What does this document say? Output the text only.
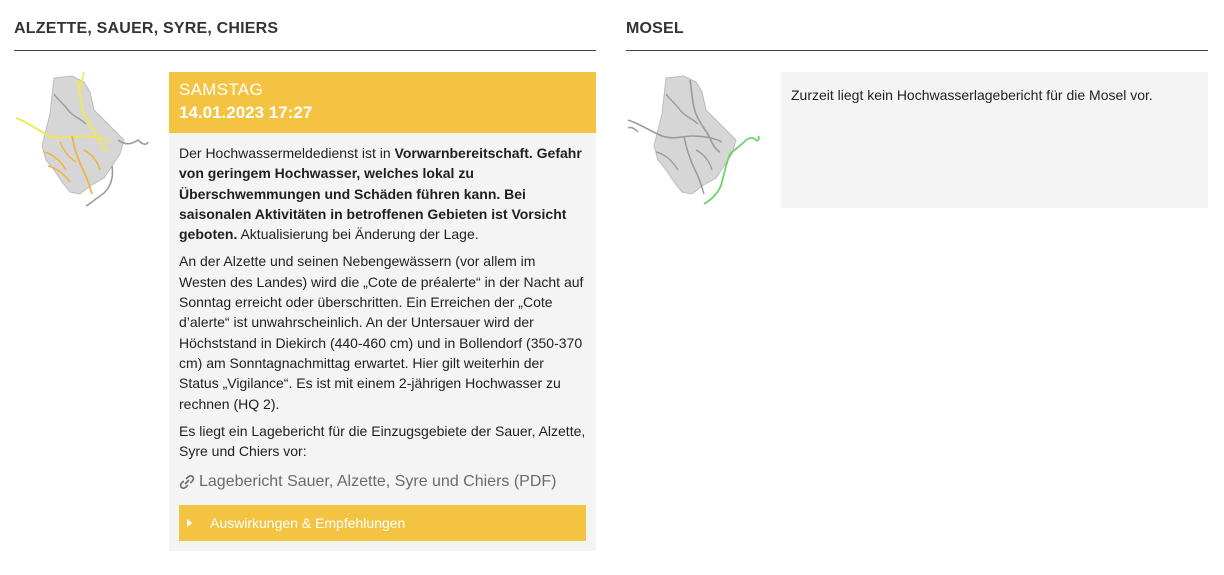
ALZETTE, SAUER, SYRE, CHIERS
SAMSTAG
14.01.2023 17:27

Der Hochwassermeldedienst ist in Vorwarnbereitschaft. Gefahr von geringem Hochwasser, welches lokal zu Überschwemmungen und Schäden führen kann. Bei saisonalen Aktivitäten in betroffenen Gebieten ist Vorsicht geboten. Aktualisierung bei Änderung der Lage.

An der Alzette und seinen Nebengewässern (vor allem im Westen des Landes) wird die „Cote de préalerte“ in der Nacht auf Sonntag erreicht oder überschritten. Ein Erreichen der „Cote d’alerte“ ist unwahrscheinlich. An der Untersauer wird der Höchststand in Diekirch (440-460 cm) und in Bollendorf (350-370 cm) am Sonntagnachmittag erwartet. Hier gilt weiterhin der Status „Vigilance“. Es ist mit einem 2-jährigen Hochwasser zu rechnen (HQ 2).

Es liegt ein Lagebericht für die Einzugsgebiete der Sauer, Alzette, Syre und Chiers vor:

Lagebericht Sauer, Alzette, Syre und Chiers (PDF)
Auswirkungen & Empfehlungen
MOSEL

Zurzeit liegt kein Hochwasserlagebericht für die Mosel vor.
